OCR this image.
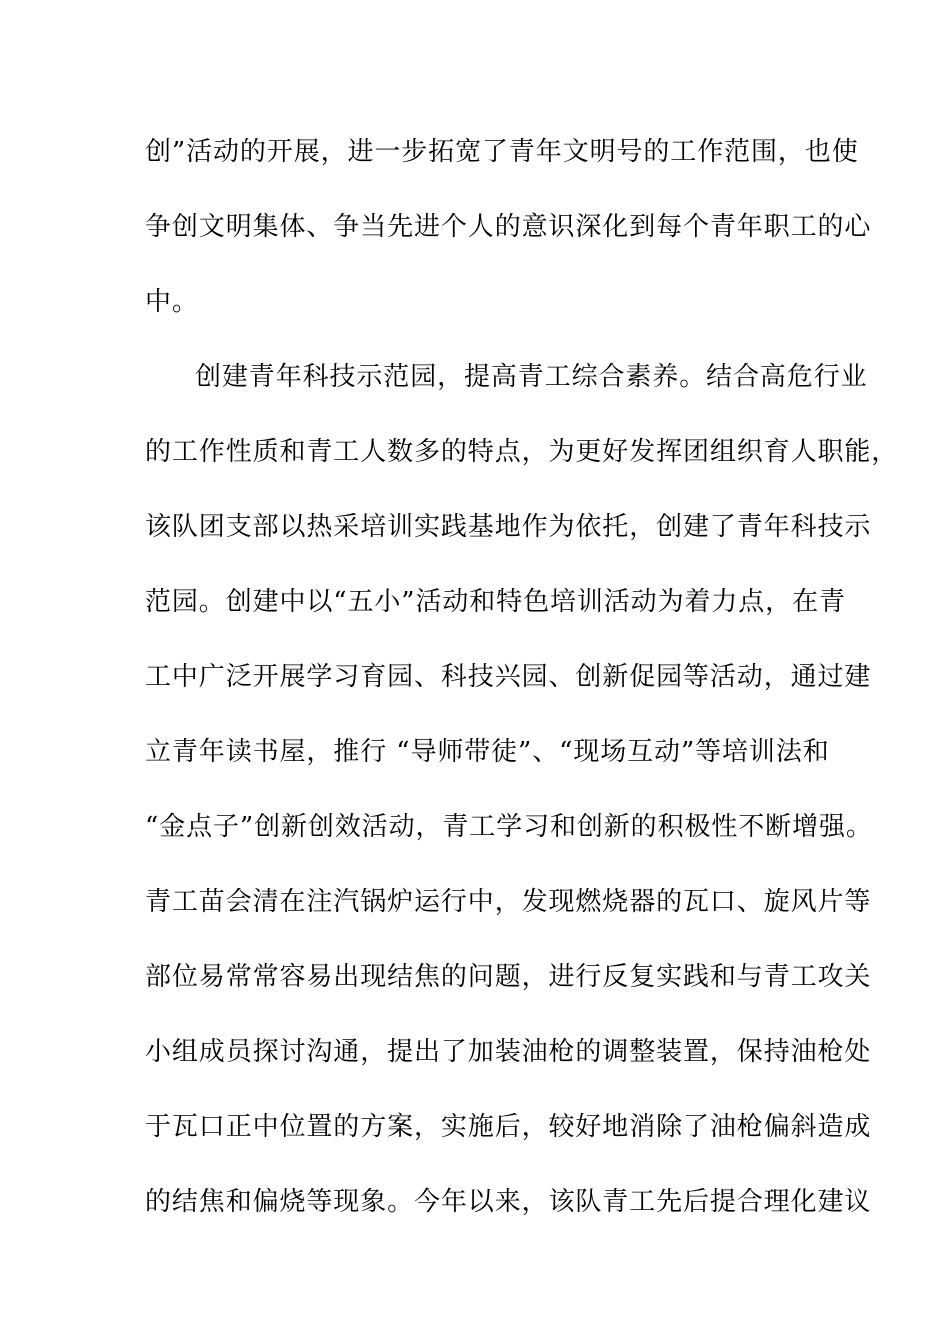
创”活动的开展，进一步拓宽了青年文明号的工作范围，也使
争创文明集体、争当先进个人的意识深化到每个青年职工的心
中。
创建青年科技示范园，提高青工综合素养。结合高危行业
的工作性质和青工人数多的特点，为更好发挥团组织育人职能，
该队团支部以热采培训实践基地作为依托，创建了青年科技示
范园。创建中以“五小”活动和特色培训活动为着力点，在青
工中广泛开展学习育园、科技兴园、创新促园等活动，通过建
立青年读书屋，推行 “导师带徒”、“现场互动”等培训法和
“金点子”创新创效活动，青工学习和创新的积极性不断增强。
青工苗会清在注汽锅炉运行中，发现燃烧器的瓦口、旋风片等
部位易常常容易出现结焦的问题，进行反复实践和与青工攻关
小组成员探讨沟通，提出了加装油枪的调整装置，保持油枪处
于瓦口正中位置的方案，实施后，较好地消除了油枪偏斜造成
的结焦和偏烧等现象。今年以来，该队青工先后提合理化建议
